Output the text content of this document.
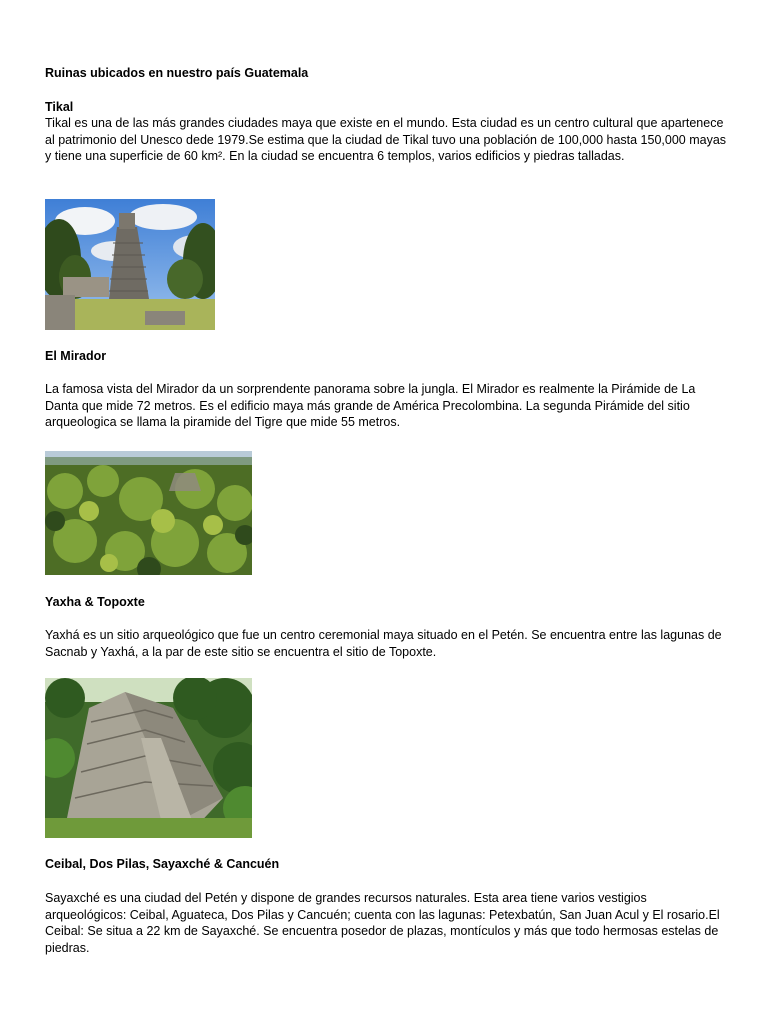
Ruinas ubicados en nuestro país Guatemala
Tikal
Tikal es una de las más grandes ciudades maya que existe en el mundo. Esta ciudad es un centro cultural que apartenece al patrimonio del Unesco dede 1979.Se estima que la ciudad de Tikal tuvo una población de 100,000 hasta 150,000 mayas y tiene una superficie de 60 km². En la ciudad se encuentra 6 templos, varios edificios y piedras talladas.
El Mirador
La famosa vista del Mirador da un sorprendente panorama sobre la jungla. El Mirador es realmente la Pirámide de La Danta que mide 72 metros. Es el edificio maya más grande de América Precolombina. La segunda Pirámide del sitio arqueologica se llama la piramide del Tigre que mide 55 metros.
Yaxha & Topoxte
Yaxhá es un sitio arqueológico que fue un centro ceremonial maya situado en el Petén. Se encuentra entre las lagunas de Sacnab y Yaxhá, a la par de este sitio se encuentra el sitio de Topoxte.
Ceibal, Dos Pilas, Sayaxché & Cancuén
Sayaxché es una ciudad del Petén y dispone de grandes recursos naturales. Esta area tiene varios vestigios arqueológicos: Ceibal, Aguateca, Dos Pilas y Cancuén; cuenta con las lagunas: Petexbatún, San Juan Acul y El rosario.El Ceibal: Se situa a 22 km de Sayaxché. Se encuentra posedor de plazas, montículos y más que todo hermosas estelas de piedras.
